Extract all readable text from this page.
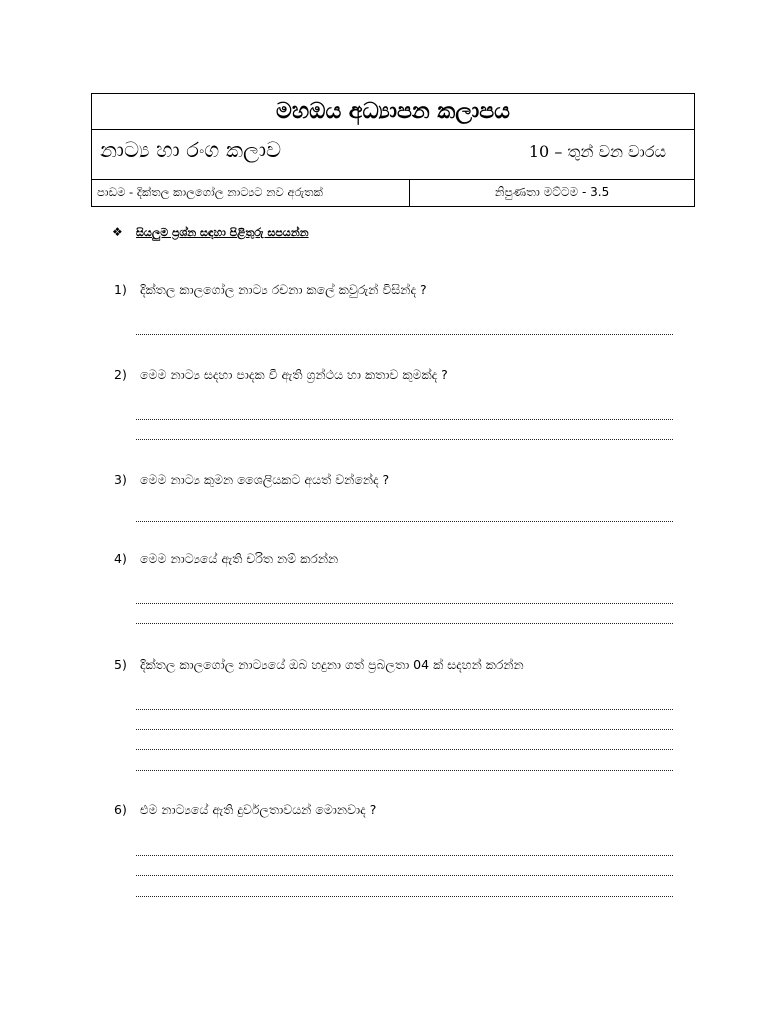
මහඔය අධ්‍යාපන කලාපය
නාට්‍ය හා රංග කලාව	10 – තුන් වන වාරය
පාඩම - දික්තල කාලගෝල නාට්‍යට නව අරුතක්	නිපුණතා මට්ටම - 3.5
❖ සියලුම ප්‍රශ්න සඳහා පිළිතුරු සපයන්න
1) දික්තල කාලගෝල නාට්‍ය රචනා කලේ කවුරුන් විසින්ද ?
2) මෙම නාට්‍ය සදහා පාදක වී ඇති ග්‍රන්ථය හා කතාව කුමක්ද ?
3) මෙම නාට්‍ය කුමන ශෛලියකට අයත් වන්නේද ?
4) මෙම නාට්‍යයේ ඇති චරිත නම් කරන්න
5) දික්තල කාලගෝල නාට්‍යයේ ඔබ හදුනා ගත් ප්‍රබලතා 04 ක් සදහන් කරන්න
6) එම නාට්‍යයේ ඇති දුර්වලතාවයන් මොනවාද ?
